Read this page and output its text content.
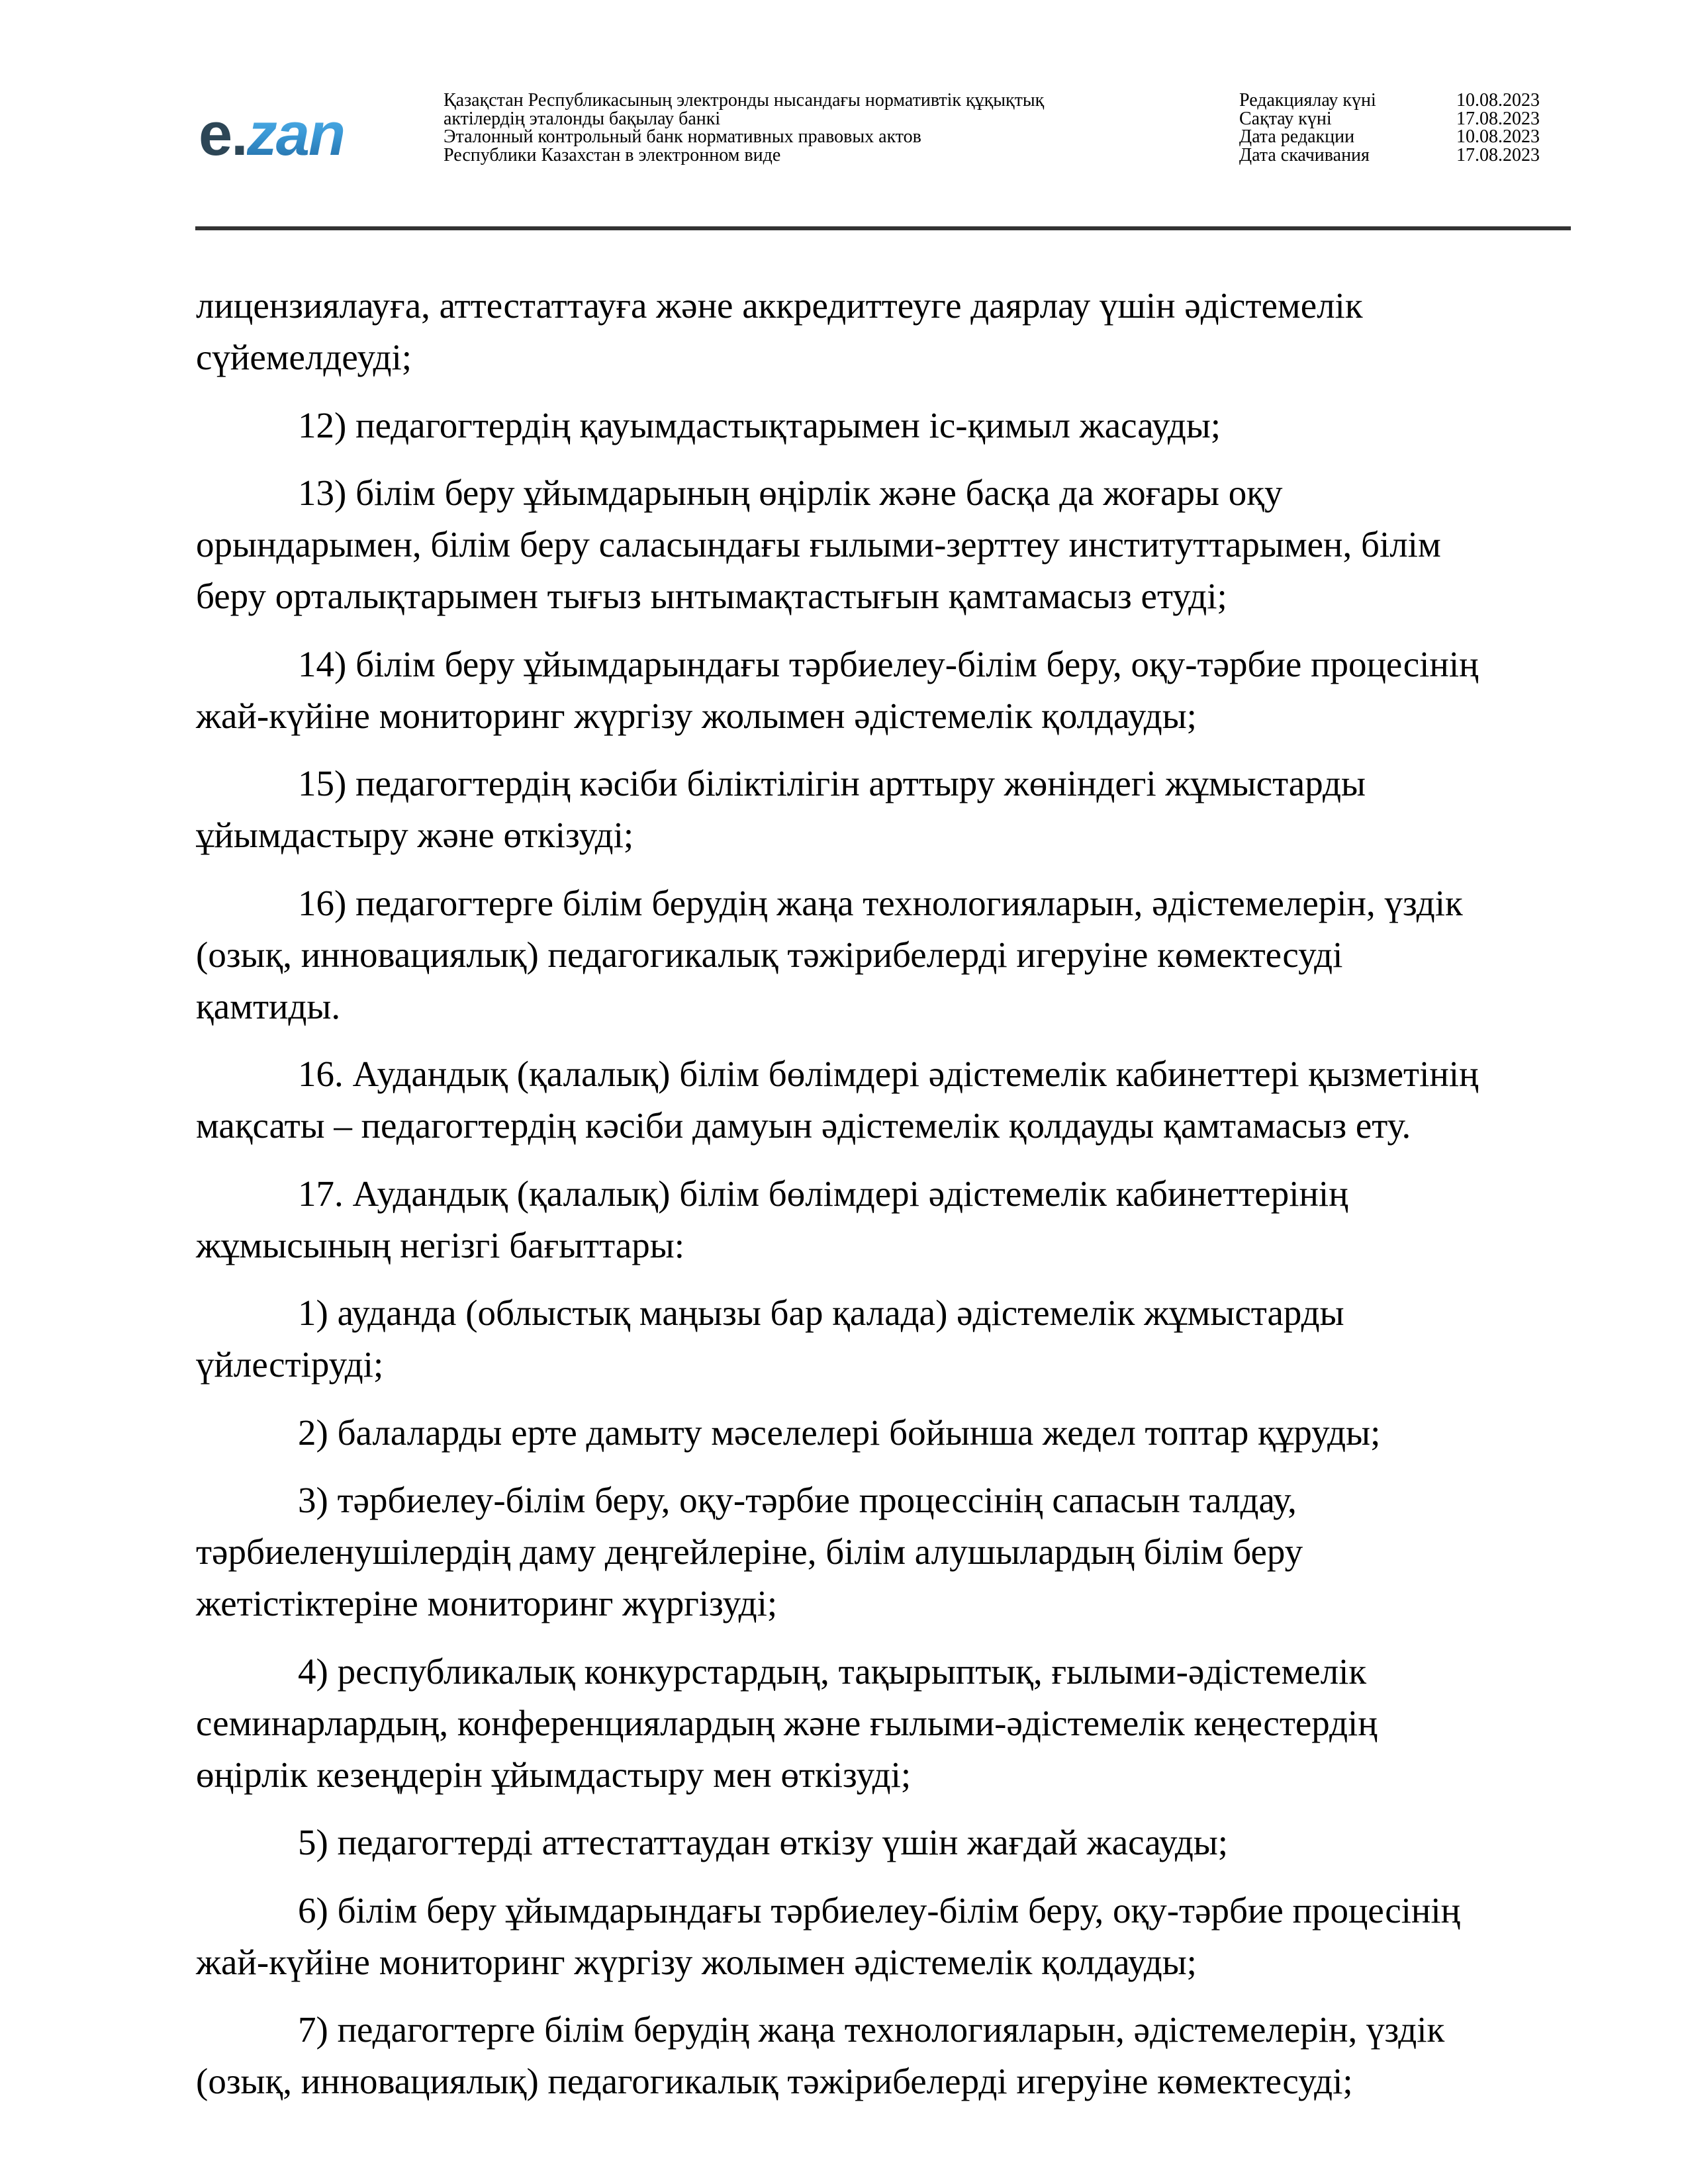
e.zan
Қазақстан Республикасының электронды нысандағы нормативтік құқықтық
актілердің эталонды бақылау банкі
Эталонный контрольный банк нормативных правовых актов
Республики Казахстан в электронном виде
Редакциялау күні	10.08.2023
Сақтау күні	17.08.2023
Дата редакции	10.08.2023
Дата скачивания	17.08.2023
лицензиялауға, аттестаттауға және аккредиттеуге даярлау үшін әдістемелік
сүйемелдеуді;
12) педагогтердің қауымдастықтарымен іс-қимыл жасауды;
13) білім беру ұйымдарының өңірлік және басқа да жоғары оқу
орындарымен, білім беру саласындағы ғылыми-зерттеу институттарымен, білім
беру орталықтарымен тығыз ынтымақтастығын қамтамасыз етуді;
14) білім беру ұйымдарындағы тәрбиелеу-білім беру, оқу-тәрбие процесінің
жай-күйіне мониторинг жүргізу жолымен әдістемелік қолдауды;
15) педагогтердің кәсіби біліктілігін арттыру жөніндегі жұмыстарды
ұйымдастыру және өткізуді;
16) педагогтерге білім берудің жаңа технологияларын, әдістемелерін, үздік
(озық, инновациялық) педагогикалық тәжірибелерді игеруіне көмектесуді
қамтиды.
16. Аудандық (қалалық) білім бөлімдері әдістемелік кабинеттері қызметінің
мақсаты – педагогтердің кәсіби дамуын әдістемелік қолдауды қамтамасыз ету.
17. Аудандық (қалалық) білім бөлімдері әдістемелік кабинеттерінің
жұмысының негізгі бағыттары:
1) ауданда (облыстық маңызы бар қалада) әдістемелік жұмыстарды
үйлестіруді;
2) балаларды ерте дамыту мәселелері бойынша жедел топтар құруды;
3) тәрбиелеу-білім беру, оқу-тәрбие процессінің сапасын талдау,
тәрбиеленушілердің даму деңгейлеріне, білім алушылардың білім беру
жетістіктеріне мониторинг жүргізуді;
4) республикалық конкурстардың, тақырыптық, ғылыми-әдістемелік
семинарлардың, конференциялардың және ғылыми-әдістемелік кеңестердің
өңірлік кезеңдерін ұйымдастыру мен өткізуді;
5) педагогтерді аттестаттаудан өткізу үшін жағдай жасауды;
6) білім беру ұйымдарындағы тәрбиелеу-білім беру, оқу-тәрбие процесінің
жай-күйіне мониторинг жүргізу жолымен әдістемелік қолдауды;
7) педагогтерге білім берудің жаңа технологияларын, әдістемелерін, үздік
(озық, инновациялық) педагогикалық тәжірибелерді игеруіне көмектесуді;
